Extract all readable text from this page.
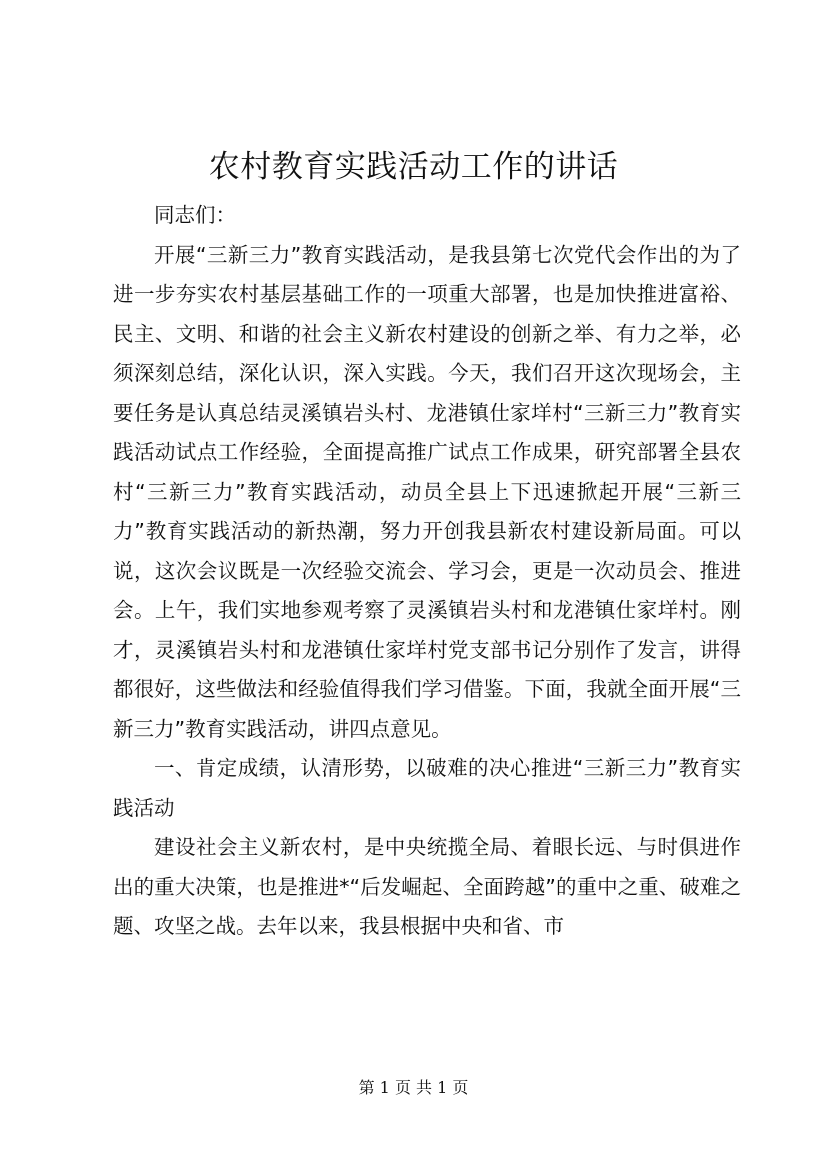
农村教育实践活动工作的讲话

同志们：

开展“三新三力”教育实践活动，是我县第七次党代会作出的为了进一步夯实农村基层基础工作的一项重大部署，也是加快推进富裕、民主、文明、和谐的社会主义新农村建设的创新之举、有力之举，必须深刻总结，深化认识，深入实践。今天，我们召开这次现场会，主要任务是认真总结灵溪镇岩头村、龙港镇仕家垟村“三新三力”教育实践活动试点工作经验，全面提高推广试点工作成果，研究部署全县农村“三新三力”教育实践活动，动员全县上下迅速掀起开展“三新三力”教育实践活动的新热潮，努力开创我县新农村建设新局面。可以说，这次会议既是一次经验交流会、学习会，更是一次动员会、推进会。上午，我们实地参观考察了灵溪镇岩头村和龙港镇仕家垟村。刚才，灵溪镇岩头村和龙港镇仕家垟村党支部书记分别作了发言，讲得都很好，这些做法和经验值得我们学习借鉴。下面，我就全面开展“三新三力”教育实践活动，讲四点意见。

一、肯定成绩，认清形势，以破难的决心推进“三新三力”教育实践活动

建设社会主义新农村，是中央统揽全局、着眼长远、与时俱进作出的重大决策，也是推进*“后发崛起、全面跨越”的重中之重、破难之题、攻坚之战。去年以来，我县根据中央和省、市

第 1 页 共 1 页
